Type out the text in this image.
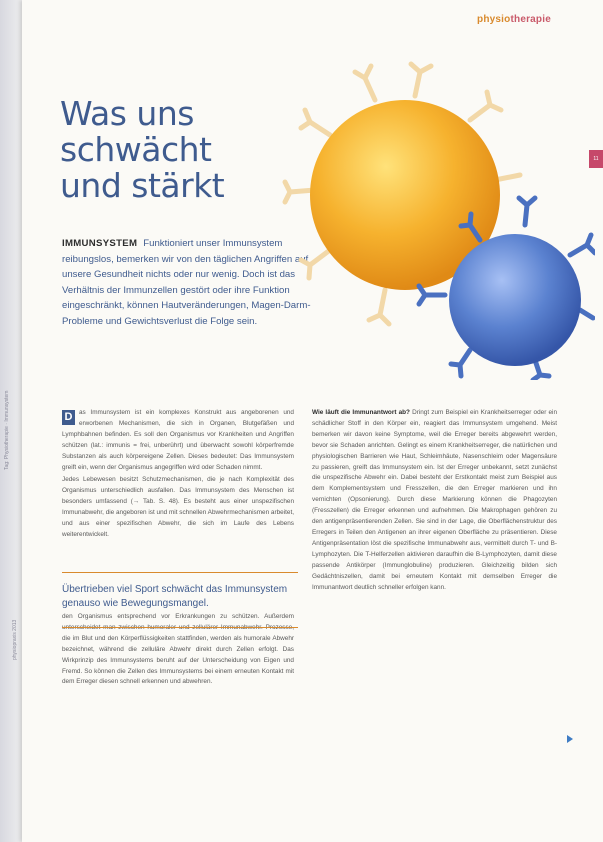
Tag: Physiotherapie · Immunsystem
physiopraxis 2013
physiotherapie
11
Was uns
schwächt
und stärkt
IMMUNSYSTEM Funktioniert unser Immunsystem reibungslos, bemerken wir von den täglichen Angriffen auf unsere Gesundheit nichts oder nur wenig. Doch ist das Verhältnis der Immunzellen gestört oder ihre Funktion eingeschränkt, können Hautveränderungen, Magen-Darm-Probleme und Gewichtsverlust die Folge sein.

D	as Immunsystem ist ein komplexes Konstrukt aus angeborenen und erworbenen Mechanismen, die sich in Organen, Blutgefäßen und Lymphbahnen befinden. Es soll den Organismus vor Krankheiten und Angriffen schützen (lat.: immunis = frei, unberührt) und überwacht sowohl körperfremde Substanzen als auch körpereigene Zellen. Dieses bedeutet: Das Immunsystem greift ein, wenn der Organismus angegriffen wird oder Schaden nimmt.

Jedes Lebewesen besitzt Schutzmechanismen, die je nach Komplexität des Organismus unterschiedlich ausfallen. Das Immunsystem des Menschen ist besonders umfassend (→ Tab. S. 48). Es besteht aus einer unspezifischen Immunabwehr, die angeboren ist und mit schnellen Abwehrmechanismen arbeitet, und aus einer spezifischen Abwehr, die sich im Laufe des Lebens weiterentwickelt.

den Organismus entsprechend vor Erkrankungen zu schützen. Außerdem unterscheidet man zwischen humoraler und zellulärer Immunabwehr. Prozesse, die im Blut und den Körperflüssigkeiten stattfinden, werden als humorale Abwehr bezeichnet, während die zelluläre Abwehr direkt durch Zellen erfolgt. Das Wirkprinzip des Immunsystems beruht auf der Unterscheidung von Eigen und Fremd. So können die Zellen des Immunsystems bei einem erneuten Kontakt mit dem Erreger diesen schnell erkennen und abwehren.

Wie läuft die Immunantwort ab? Dringt zum Beispiel ein Krankheitserreger oder ein schädlicher Stoff in den Körper ein, reagiert das Immunsystem umgehend. Meist bemerken wir davon keine Symptome, weil die Erreger bereits abgewehrt werden, bevor sie Schaden anrichten. Gelingt es einem Krankheitserreger, die natürlichen und physiologischen Barrieren wie Haut, Schleimhäute, Nasenschleim oder Magensäure zu passieren, greift das Immunsystem ein. Ist der Erreger unbekannt, setzt zunächst die unspezifische Abwehr ein. Dabei besteht der Erstkontakt meist zum Beispiel aus dem Komplementsystem und Fresszellen, die den Erreger markieren und ihn vernichten (Opsonierung). Durch diese Markierung können die Phagozyten (Fresszellen) die Erreger erkennen und aufnehmen. Die Makrophagen gehören zu den antigenpräsentierenden Zellen. Sie sind in der Lage, die Oberflächenstruktur des Erregers in Teilen den Antigenen an ihrer eigenen Oberfläche zu präsentieren. Diese Antigenpräsentation löst die spezifische Immunabwehr aus, vermittelt durch T- und B-Lymphozyten. Die T-Helferzellen aktivieren daraufhin die B-Lymphozyten, damit diese passende Antikörper (Immunglobuline) produzieren. Gleichzeitig bilden sich Gedächtniszellen, damit bei erneutem Kontakt mit demselben Erreger die Immunantwort deutlich schneller erfolgen kann.

Übertrieben viel Sport schwächt das Immunsystem genauso wie Bewegungsmangel.
